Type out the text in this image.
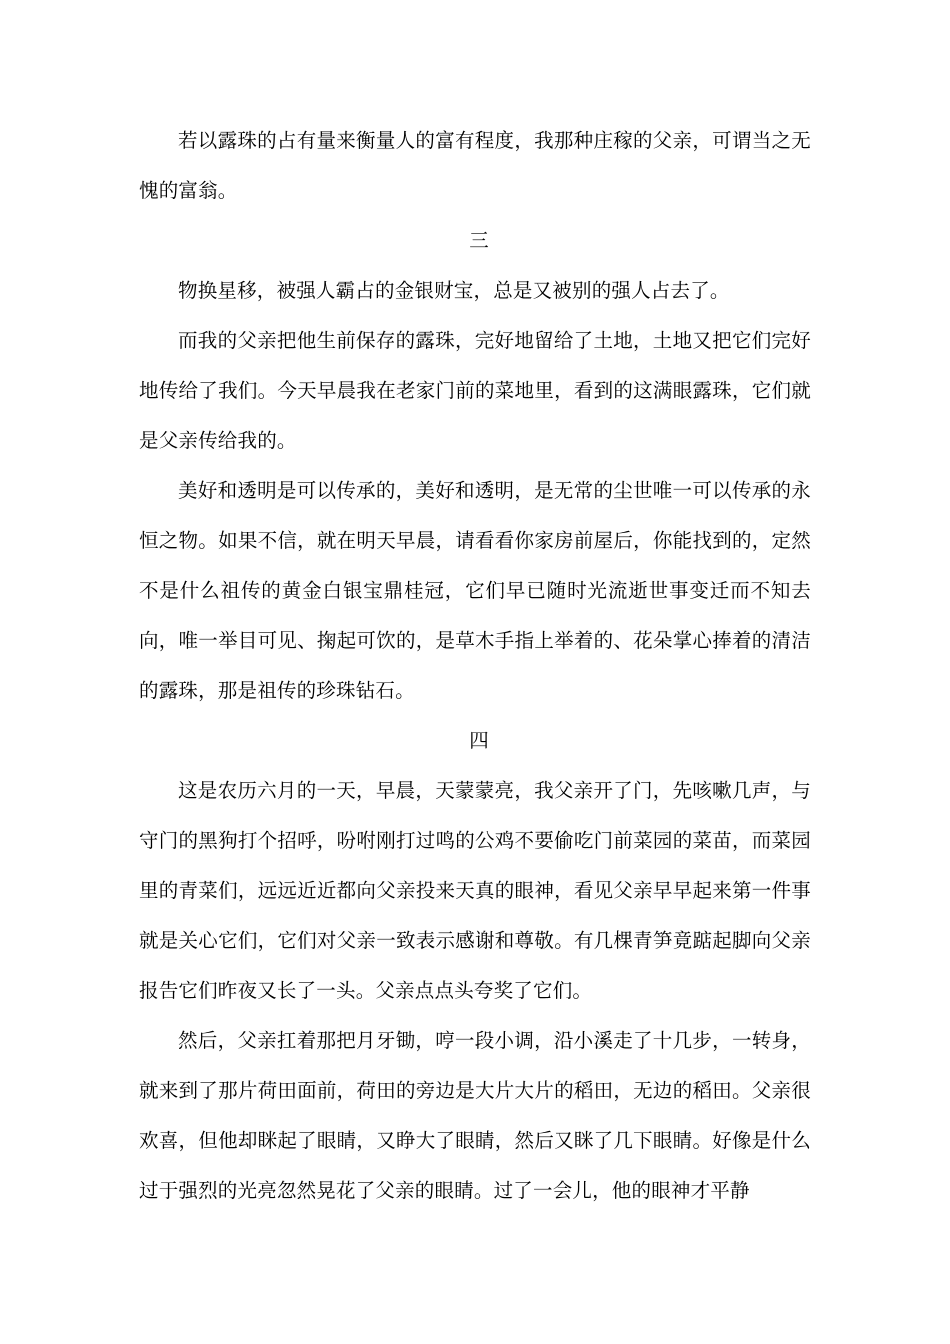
若以露珠的占有量来衡量人的富有程度，我那种庄稼的父亲，可谓当之无愧的富翁。

三

物换星移，被强人霸占的金银财宝，总是又被别的强人占去了。

而我的父亲把他生前保存的露珠，完好地留给了土地，土地又把它们完好地传给了我们。今天早晨我在老家门前的菜地里，看到的这满眼露珠，它们就是父亲传给我的。

美好和透明是可以传承的，美好和透明，是无常的尘世唯一可以传承的永恒之物。如果不信，就在明天早晨，请看看你家房前屋后，你能找到的，定然不是什么祖传的黄金白银宝鼎桂冠，它们早已随时光流逝世事变迁而不知去向，唯一举目可见、掬起可饮的，是草木手指上举着的、花朵掌心捧着的清洁的露珠，那是祖传的珍珠钻石。

四

这是农历六月的一天，早晨，天蒙蒙亮，我父亲开了门，先咳嗽几声，与守门的黑狗打个招呼，吩咐刚打过鸣的公鸡不要偷吃门前菜园的菜苗，而菜园里的青菜们，远远近近都向父亲投来天真的眼神，看见父亲早早起来第一件事就是关心它们，它们对父亲一致表示感谢和尊敬。有几棵青笋竟踮起脚向父亲报告它们昨夜又长了一头。父亲点点头夸奖了它们。

然后，父亲扛着那把月牙锄，哼一段小调，沿小溪走了十几步，一转身，就来到了那片荷田面前，荷田的旁边是大片大片的稻田，无边的稻田。父亲很欢喜，但他却眯起了眼睛，又睁大了眼睛，然后又眯了几下眼睛。好像是什么过于强烈的光亮忽然晃花了父亲的眼睛。过了一会儿，他的眼神才平静
